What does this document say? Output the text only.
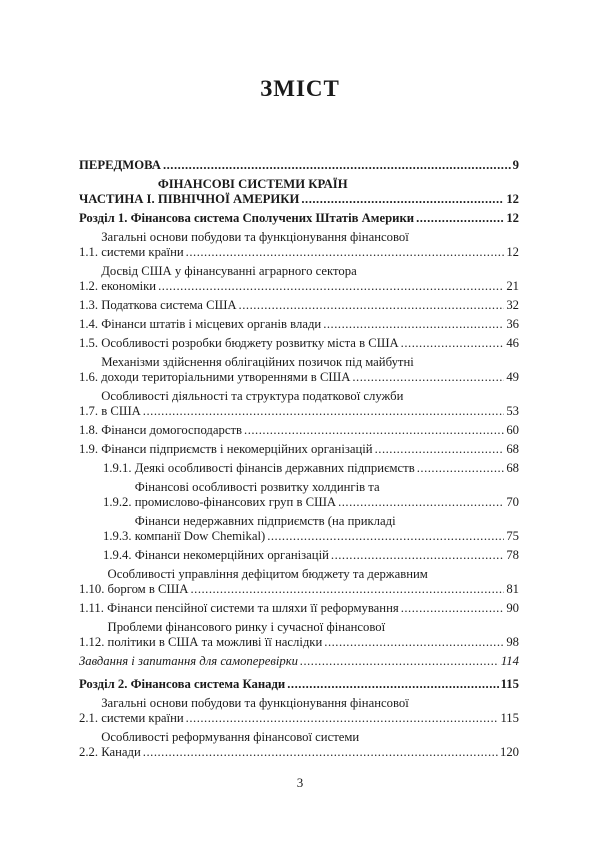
ЗМІСТ
ПЕРЕДМОВА .....	9
ЧАСТИНА І.
ФІНАНСОВІ СИСТЕМИ КРАЇН
ПІВНІЧНОЇ АМЕРИКИ .....	12
Розділ 1. Фінансова система Сполучених Штатів Америки .....	12
1.1.
Загальні основи побудови та функціонування фінансової
системи країни .....	12
1.2.
Досвід США у фінансуванні аграрного сектора
економіки .....	21
1.3. Податкова система США .....	32
1.4. Фінанси штатів і місцевих органів влади .....	36
1.5. Особливості розробки бюджету розвитку міста в США .....	46
1.6.
Механізми здійснення облігаційних позичок під майбутні
доходи територіальними утвореннями в США .....	49
1.7.
Особливості діяльності та структура податкової служби
в США .....	53
1.8. Фінанси домогосподарств .....	60
1.9. Фінанси підприємств і некомерційних організацій .....	68
1.9.1. Деякі особливості фінансів державних підприємств .....	68
1.9.2.
Фінансові особливості розвитку холдингів та
промислово-фінансових груп в США .....	70
1.9.3.
Фінанси недержавних підприємств (на прикладі
компанії Dow Chemikal) .....	75
1.9.4. Фінанси некомерційних організацій .....	78
1.10.
Особливості управління дефіцитом бюджету та державним
боргом в США .....	81
1.11. Фінанси пенсійної системи та шляхи її реформування .....	90
1.12.
Проблеми фінансового ринку і сучасної фінансової
політики в США та можливі її наслідки .....	98
Завдання і запитання для самоперевірки .....	114
Розділ 2. Фінансова система Канади .....	115
2.1.
Загальні основи побудови та функціонування фінансової
системи країни .....	115
2.2.
Особливості реформування фінансової системи
Канади .....	120
3
